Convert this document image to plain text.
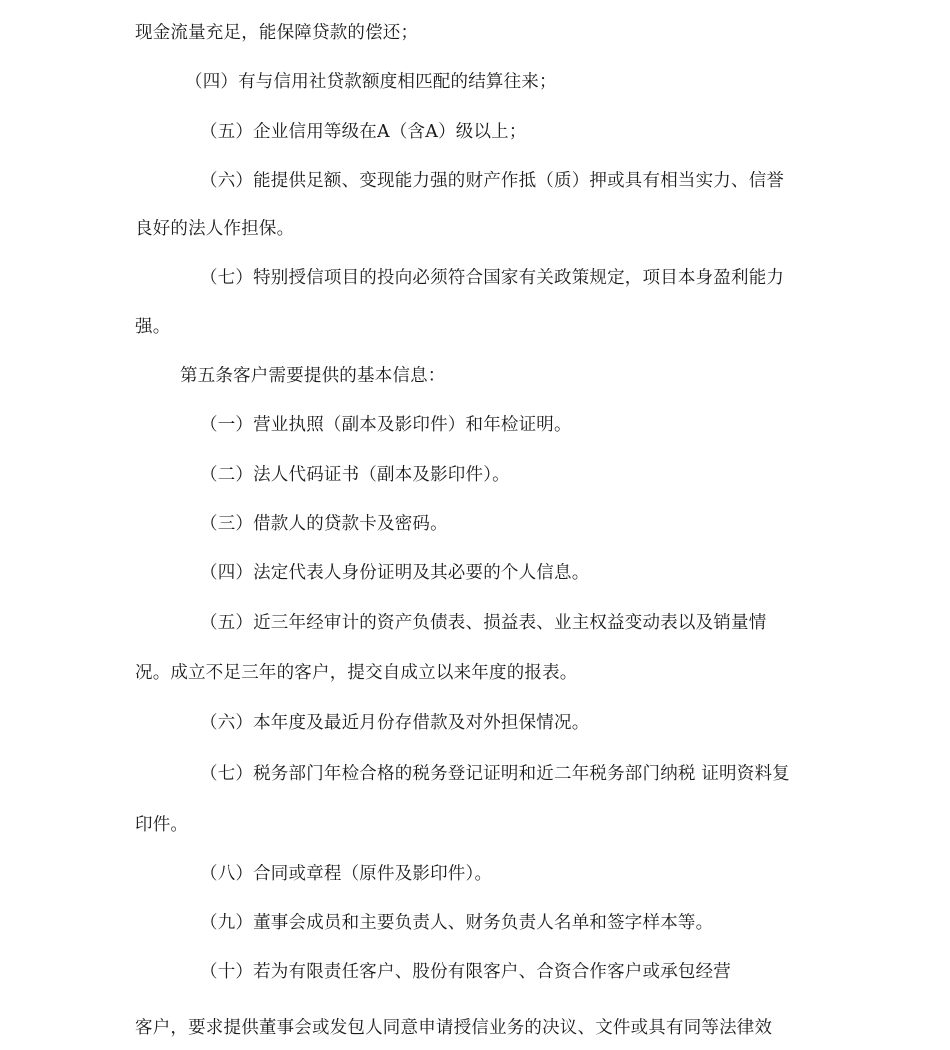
现金流量充足，能保障贷款的偿还；
（四）有与信用社贷款额度相匹配的结算往来；
（五）企业信用等级在A（含A）级以上；
（六）能提供足额、变现能力强的财产作抵（质）押或具有相当实力、信誉
良好的法人作担保。
（七）特别授信项目的投向必须符合国家有关政策规定，项目本身盈利能力
强。
第五条客户需要提供的基本信息：
（一）营业执照（副本及影印件）和年检证明。
（二）法人代码证书（副本及影印件）。
（三）借款人的贷款卡及密码。
（四）法定代表人身份证明及其必要的个人信息。
（五）近三年经审计的资产负债表、损益表、业主权益变动表以及销量情
况。成立不足三年的客户，提交自成立以来年度的报表。
（六）本年度及最近月份存借款及对外担保情况。
（七）税务部门年检合格的税务登记证明和近二年税务部门纳税 证明资料复
印件。
（八）合同或章程（原件及影印件）。
（九）董事会成员和主要负责人、财务负责人名单和签字样本等。
（十）若为有限责任客户、股份有限客户、合资合作客户或承包经营
客户，要求提供董事会或发包人同意申请授信业务的决议、文件或具有同等法律效
